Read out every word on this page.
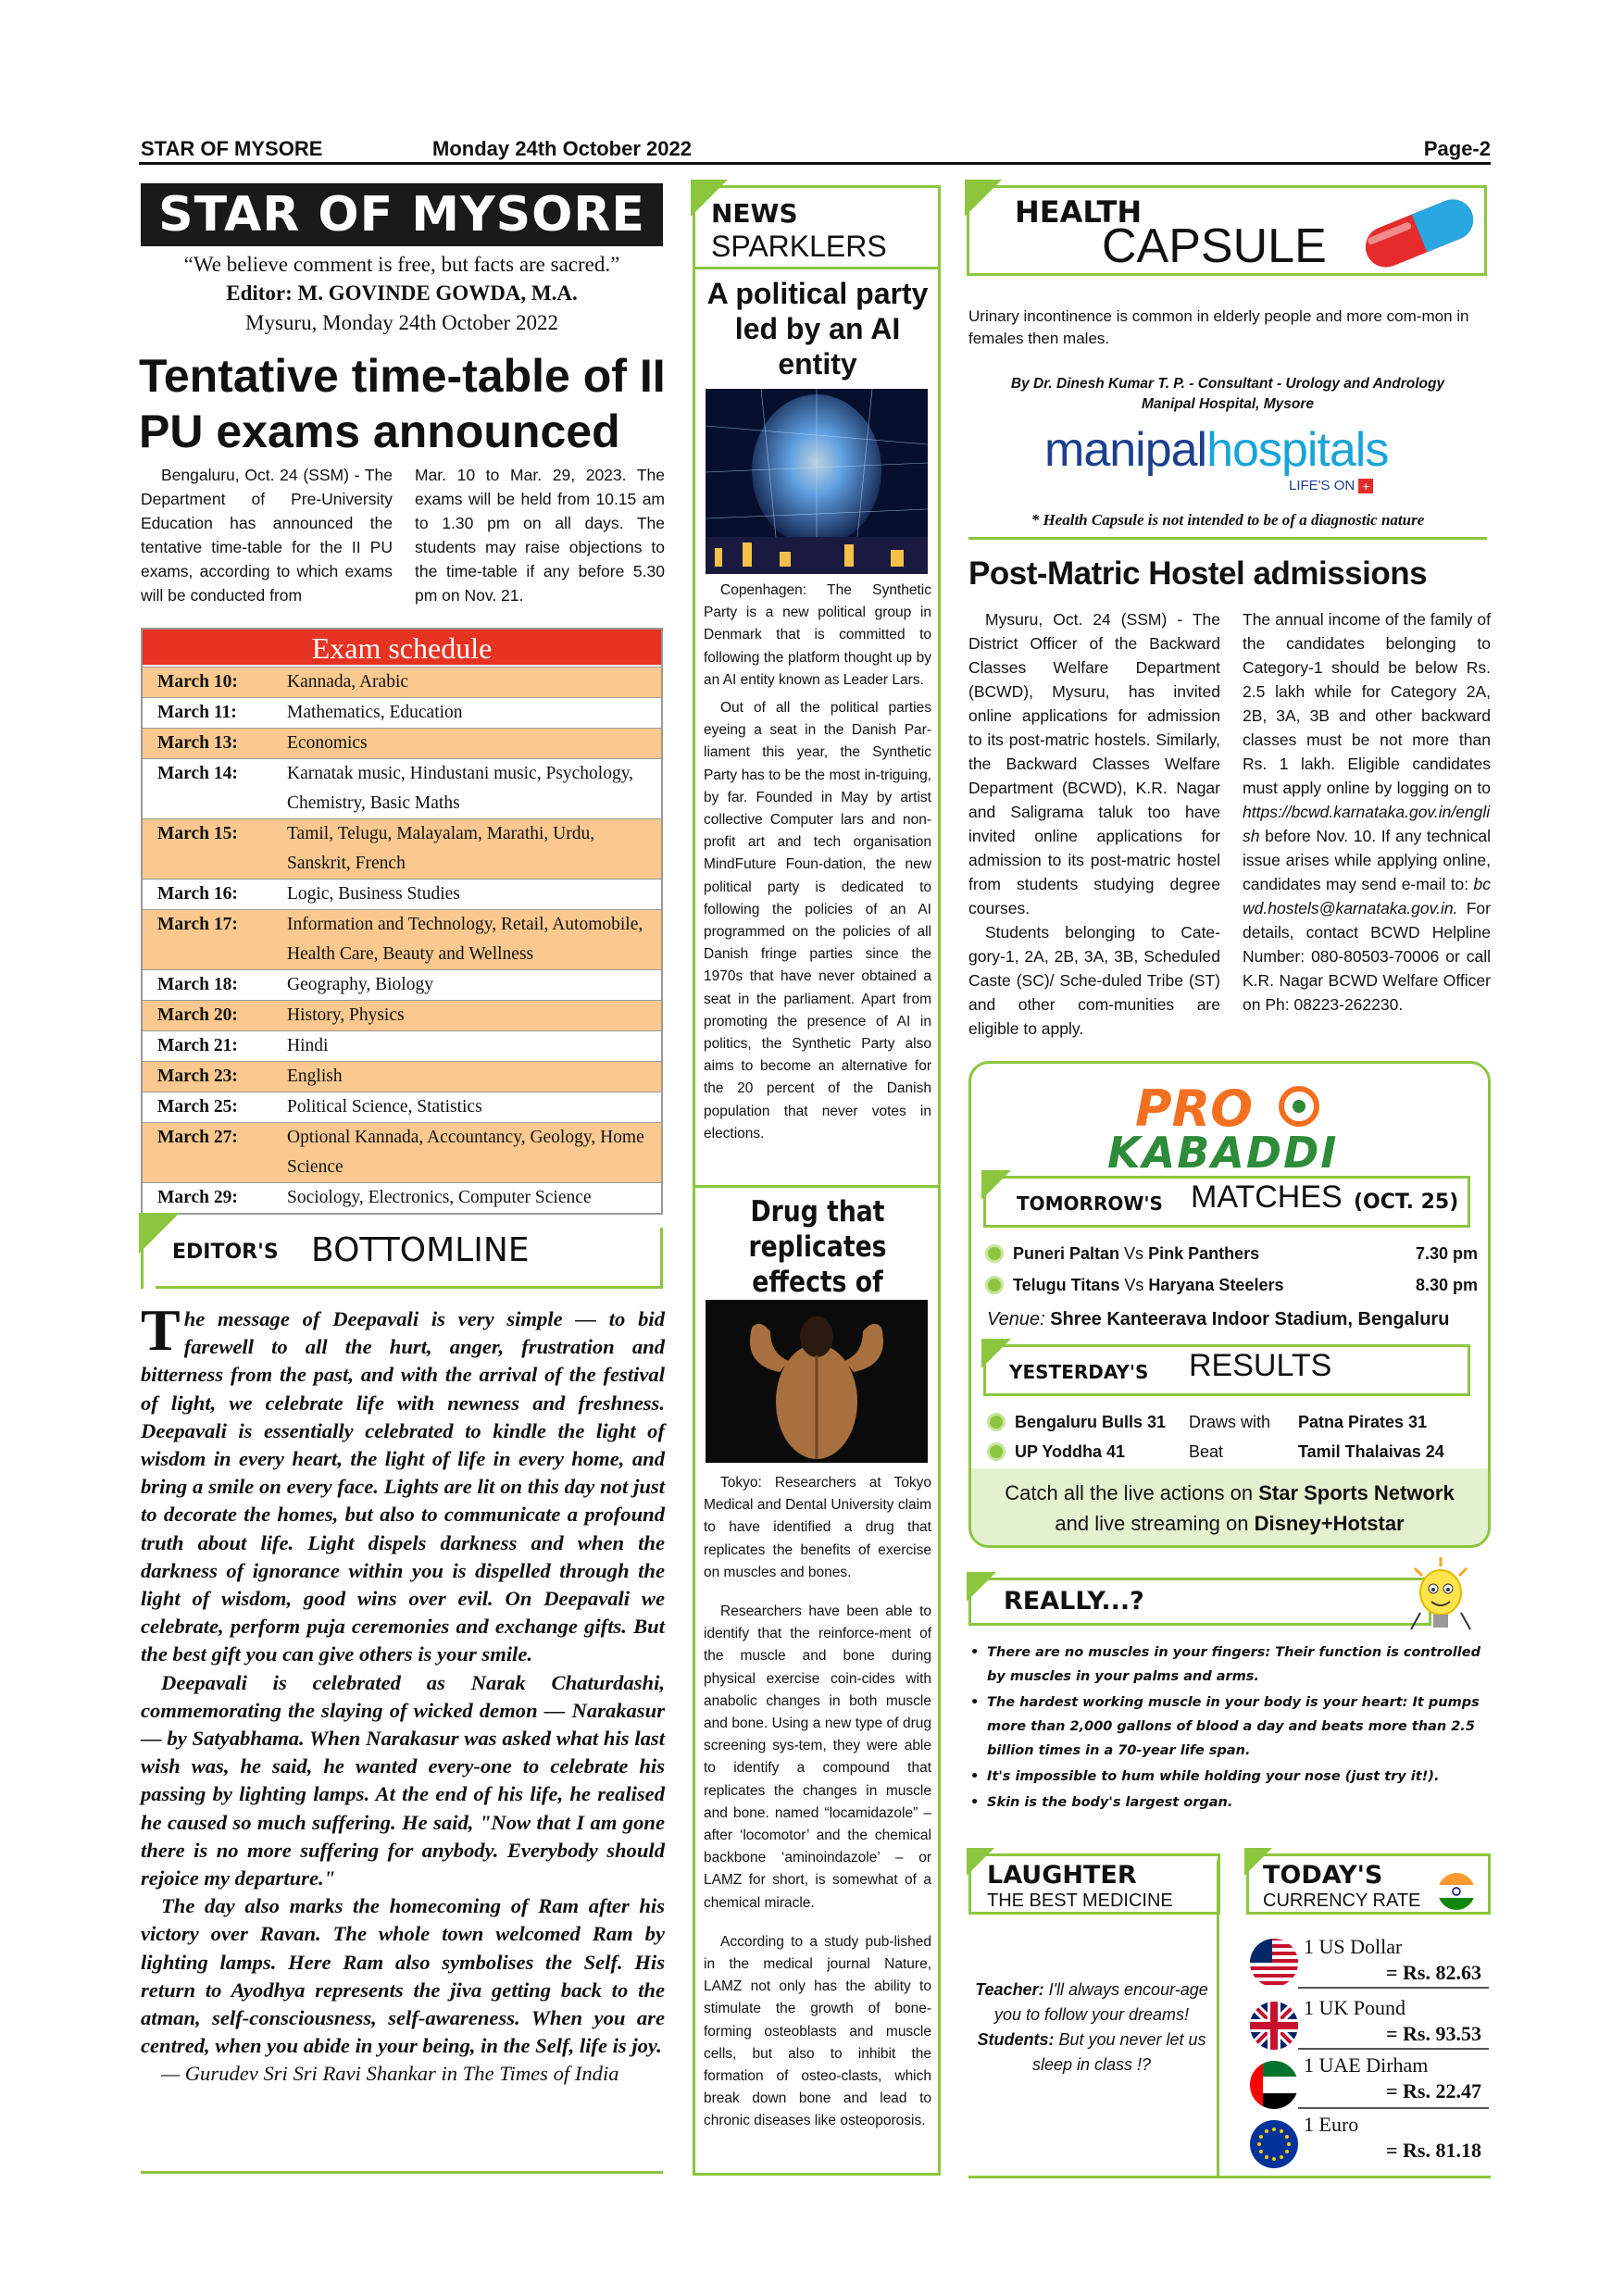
STAR OF MYSORE	Monday 24th October 2022	Page-2
STAR OF MYSORE
“We believe comment is free, but facts are sacred.”
Editor: M. GOVINDE GOWDA, M.A.
Mysuru, Monday 24th October 2022
Tentative time-table of II PU exams announced
Bengaluru, Oct. 24 (SSM) - The Department of Pre-University Education has announced the tentative time-table for the II PU exams, according to which exams will be conducted from
Mar. 10 to Mar. 29, 2023. The exams will be held from 10.15 am to 1.30 pm on all days. The students may raise objections to the time-table if any before 5.30 pm on Nov. 21.
Exam schedule
March 10:	Kannada, Arabic
March 11:	Mathematics, Education
March 13:	Economics
March 14:	Karnatak music, Hindustani music, Psychology, Chemistry, Basic Maths
March 15:	Tamil, Telugu, Malayalam, Marathi, Urdu, Sanskrit, French
March 16:	Logic, Business Studies
March 17:	Information and Technology, Retail, Automobile, Health Care, Beauty and Wellness
March 18:	Geography, Biology
March 20:	History, Physics
March 21:	Hindi
March 23:	English
March 25:	Political Science, Statistics
March 27:	Optional Kannada, Accountancy, Geology, Home Science
March 29:	Sociology, Electronics, Computer Science
EDITOR'S BOTTOMLINE

The message of Deepavali is very simple — to bid farewell to all the hurt, anger, frustration and bitterness from the past, and with the arrival of the festival of light, we celebrate life with newness and freshness. Deepavali is essentially celebrated to kindle the light of wisdom in every heart, the light of life in every home, and bring a smile on every face. Lights are lit on this day not just to decorate the homes, but also to communicate a profound truth about life. Light dispels darkness and when the darkness of ignorance within you is dispelled through the light of wisdom, good wins over evil. On Deepavali we celebrate, perform puja ceremonies and exchange gifts. But the best gift you can give others is your smile.

Deepavali is celebrated as Narak Chaturdashi, commemorating the slaying of wicked demon — Narakasur — by Satyabhama. When Narakasur was asked what his last wish was, he said, he wanted every-one to celebrate his passing by lighting lamps. At the end of his life, he realised he caused so much suffering. He said, "Now that I am gone there is no more suffering for anybody. Everybody should rejoice my departure."

The day also marks the homecoming of Ram after his victory over Ravan. The whole town welcomed Ram by lighting lamps. Here Ram also symbolises the Self. His return to Ayodhya represents the jiva getting back to the atman, self-consciousness, self-awareness. When you are centred, when you abide in your being, in the Self, life is joy.

— Gurudev Sri Sri Ravi Shankar in The Times of India

NEWS
SPARKLERS
A political party led by an AI entity

Copenhagen: The Synthetic Party is a new political group in Denmark that is committed to following the platform thought up by an AI entity known as Leader Lars.

Out of all the political parties eyeing a seat in the Danish Par-liament this year, the Synthetic Party has to be the most in-triguing, by far. Founded in May by artist collective Computer lars and non-profit art and tech organisation MindFuture Foun-dation, the new political party is dedicated to following the policies of an AI programmed on the policies of all Danish fringe parties since the 1970s that have never obtained a seat in the parliament. Apart from promoting the presence of AI in politics, the Synthetic Party also aims to become an alternative for the 20 percent of the Danish population that never votes in elections.

Drug that replicates effects of

Tokyo: Researchers at Tokyo Medical and Dental University claim to have identified a drug that replicates the benefits of exercise on muscles and bones.

Researchers have been able to identify that the reinforce-ment of the muscle and bone during physical exercise coin-cides with anabolic changes in both muscle and bone. Using a new type of drug screening sys-tem, they were able to identify a compound that replicates the changes in muscle and bone. named “locamidazole” – after ‘locomotor’ and the chemical backbone ‘aminoindazole’ – or LAMZ for short, is somewhat of a chemical miracle.

According to a study pub-lished in the medical journal Nature, LAMZ not only has the ability to stimulate the growth of bone-forming osteoblasts and muscle cells, but also to inhibit the formation of osteo-clasts, which break down bone and lead to chronic diseases like osteoporosis.

HEALTH
CAPSULE
Urinary incontinence is common in elderly people and more com-mon in females then males.
By Dr. Dinesh Kumar T. P. - Consultant - Urology and Andrology
Manipal Hospital, Mysore
manipalhospitals
LIFE'S ON +
* Health Capsule is not intended to be of a diagnostic nature
Post-Matric Hostel admissions

Mysuru, Oct. 24 (SSM) - The District Officer of the Backward Classes Welfare Department (BCWD), Mysuru, has invited online applications for admission to its post-matric hostels. Similarly, the Backward Classes Welfare Department (BCWD), K.R. Nagar and Saligrama taluk too have invited online applications for admission to its post-matric hostel from students studying degree courses.

Students belonging to Cate-gory-1, 2A, 2B, 3A, 3B, Scheduled Caste (SC)/ Sche-duled Tribe (ST) and other com-munities are eligible to apply.

The annual income of the family of the candidates belonging to Category-1 should be below Rs. 2.5 lakh while for Category 2A, 2B, 3A, 3B and other backward classes must be not more than Rs. 1 lakh. Eligible candidates must apply online by logging on to https://bcwd.karnataka.gov.in/english before Nov. 10. If any technical issue arises while applying online, candidates may send e-mail to: bcwd.hostels@karnataka.gov.in. For details, contact BCWD Helpline Number: 080-80503-70006 or call K.R. Nagar BCWD Welfare Officer on Ph: 08223-262230.
PRO
KABADDI
TOMORROW'S MATCHES (OCT. 25)
Puneri Paltan Vs Pink Panthers	7.30 pm
Telugu Titans Vs Haryana Steelers	8.30 pm
Venue: Shree Kanteerava Indoor Stadium, Bengaluru
YESTERDAY'S RESULTS
Bengaluru Bulls 31 Draws with Patna Pirates 31
UP Yoddha 41	Beat	Tamil Thalaivas 24
Catch all the live actions on Star Sports Network
and live streaming on Disney+Hotstar
REALLY...?
• There are no muscles in your fingers: Their function is controlled by muscles in your palms and arms.
• The hardest working muscle in your body is your heart: It pumps more than 2,000 gallons of blood a day and beats more than 2.5 billion times in a 70-year life span.
• It's impossible to hum while holding your nose (just try it!).
• Skin is the body's largest organ.
LAUGHTER
THE BEST MEDICINE
Teacher: I'll always encour-age you to follow your dreams!
Students: But you never let us sleep in class !?
TODAY'S
CURRENCY RATE
1 US Dollar
= Rs. 82.63
1 UK Pound
= Rs. 93.53
1 UAE Dirham
= Rs. 22.47
1 Euro
= Rs. 81.18
